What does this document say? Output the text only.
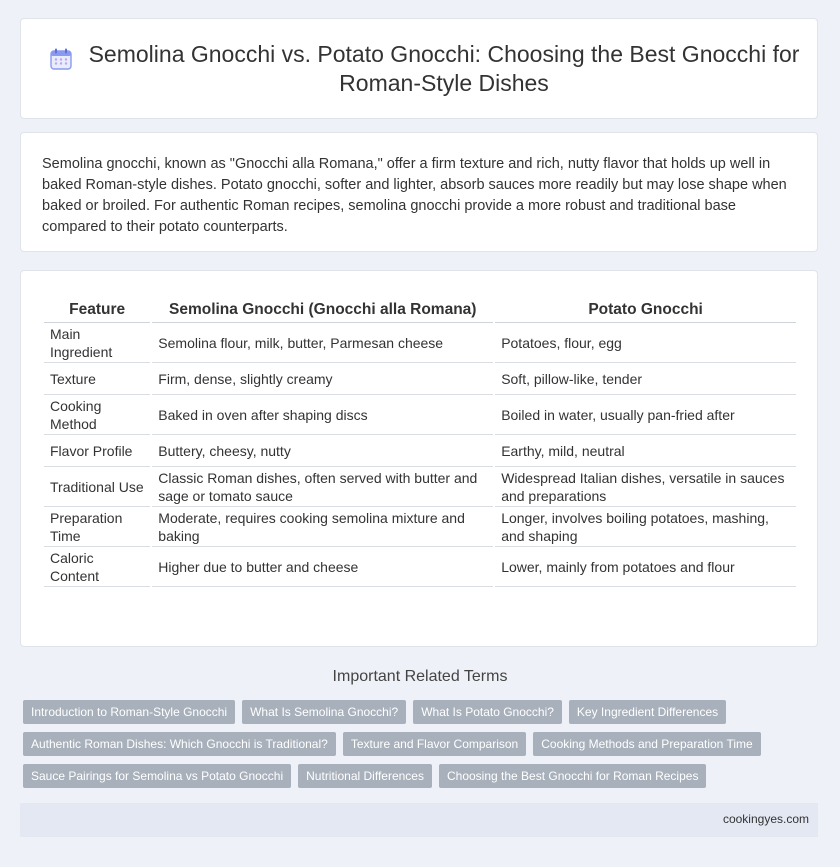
Semolina Gnocchi vs. Potato Gnocchi: Choosing the Best Gnocchi for Roman-Style Dishes

Semolina gnocchi, known as "Gnocchi alla Romana," offer a firm texture and rich, nutty flavor that holds up well in baked Roman-style dishes. Potato gnocchi, softer and lighter, absorb sauces more readily but may lose shape when baked or broiled. For authentic Roman recipes, semolina gnocchi provide a more robust and traditional base compared to their potato counterparts.

Feature	Semolina Gnocchi (Gnocchi alla Romana)	Potato Gnocchi
Main Ingredient	Semolina flour, milk, butter, Parmesan cheese	Potatoes, flour, egg
Texture	Firm, dense, slightly creamy	Soft, pillow-like, tender
Cooking Method	Baked in oven after shaping discs	Boiled in water, usually pan-fried after
Flavor Profile	Buttery, cheesy, nutty	Earthy, mild, neutral
Traditional Use	Classic Roman dishes, often served with butter and sage or tomato sauce	Widespread Italian dishes, versatile in sauces and preparations
Preparation Time	Moderate, requires cooking semolina mixture and baking	Longer, involves boiling potatoes, mashing, and shaping
Caloric Content	Higher due to butter and cheese	Lower, mainly from potatoes and flour
Important Related Terms
Introduction to Roman-Style Gnocchi	What Is Semolina Gnocchi?	What Is Potato Gnocchi?	Key Ingredient Differences
Authentic Roman Dishes: Which Gnocchi is Traditional?	Texture and Flavor Comparison	Cooking Methods and Preparation Time
Sauce Pairings for Semolina vs Potato Gnocchi	Nutritional Differences	Choosing the Best Gnocchi for Roman Recipes
cookingyes.com
